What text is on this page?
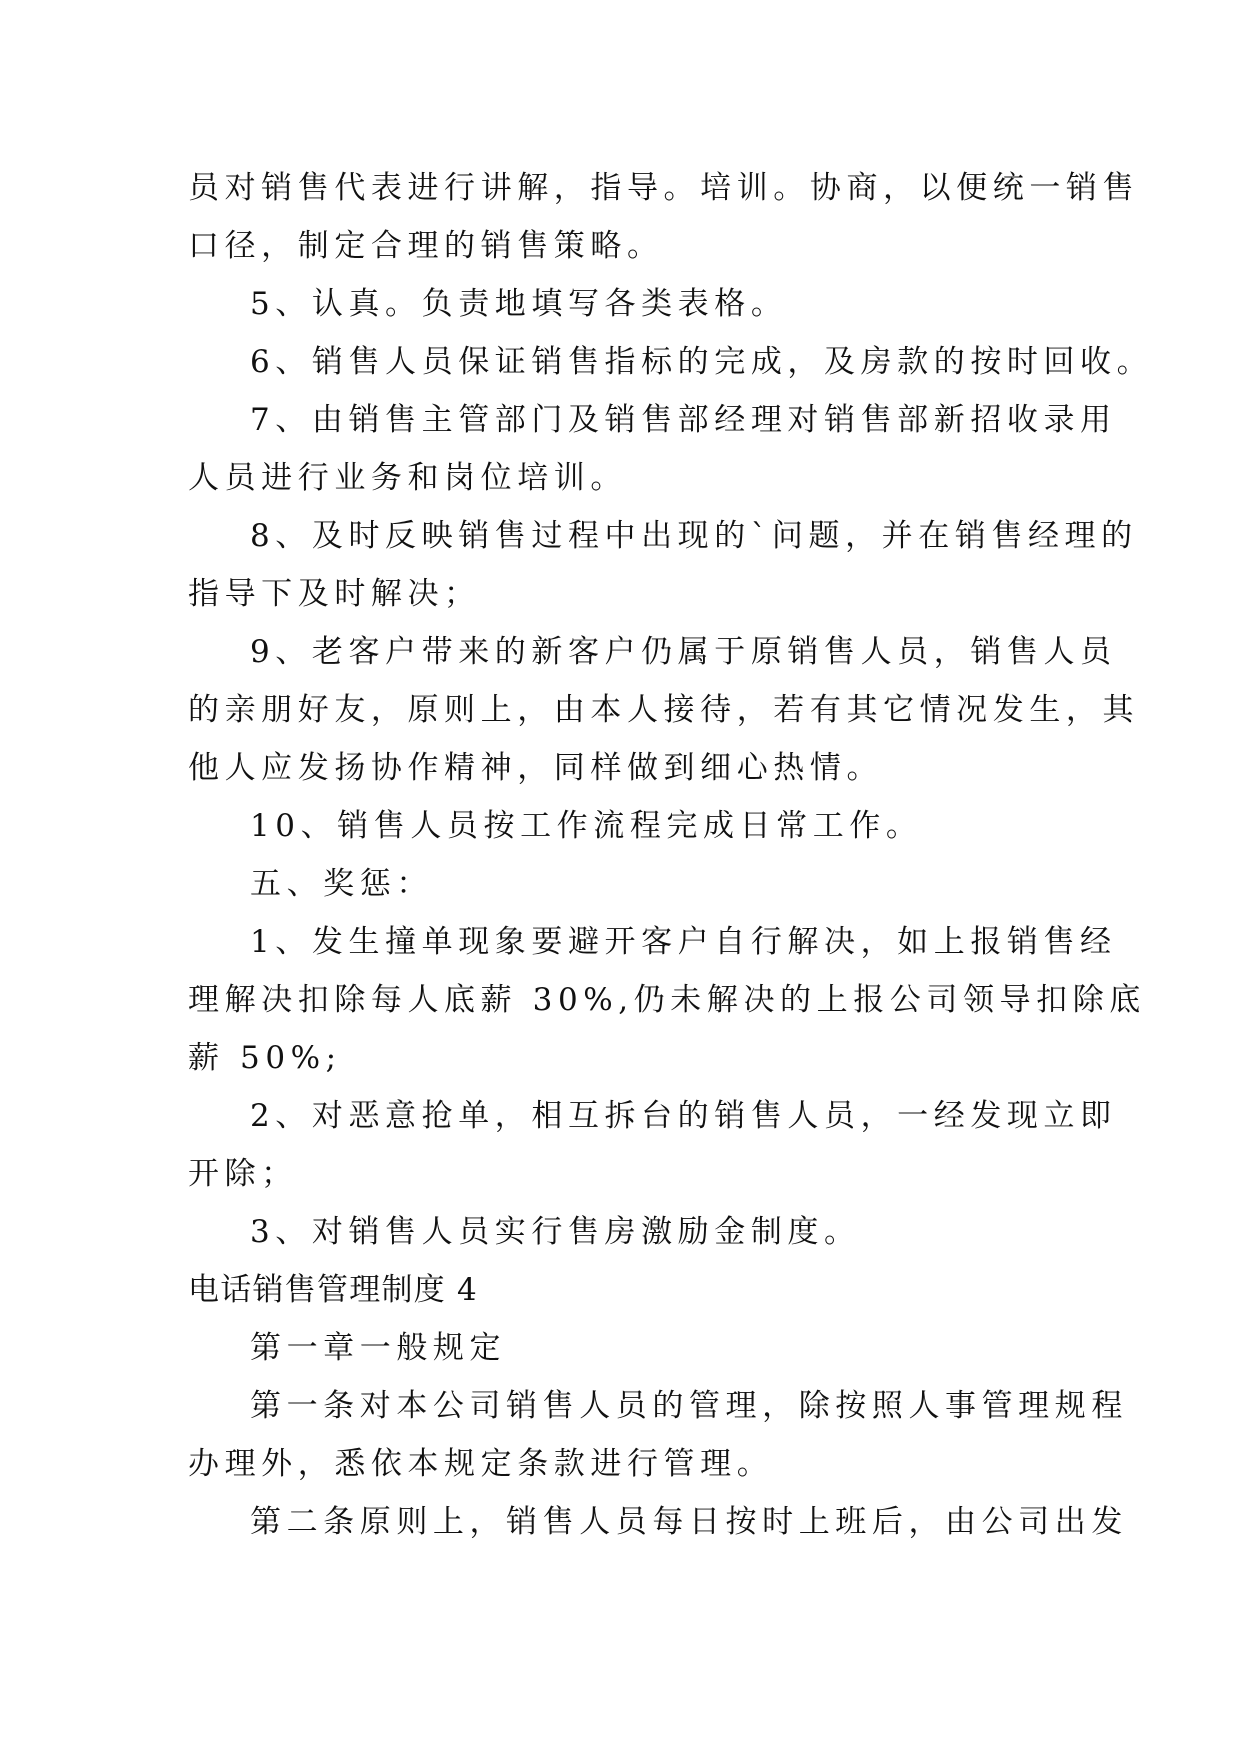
员对销售代表进行讲解，指导。培训。协商，以便统一销售
口径，制定合理的销售策略。
5、认真。负责地填写各类表格。
6、销售人员保证销售指标的完成，及房款的按时回收。
7、由销售主管部门及销售部经理对销售部新招收录用
人员进行业务和岗位培训。
8、及时反映销售过程中出现的`问题，并在销售经理的
指导下及时解决；
9、老客户带来的新客户仍属于原销售人员，销售人员
的亲朋好友，原则上，由本人接待，若有其它情况发生，其
他人应发扬协作精神，同样做到细心热情。
10、销售人员按工作流程完成日常工作。
五、奖惩：
1、发生撞单现象要避开客户自行解决，如上报销售经
理解决扣除每人底薪 30%,仍未解决的上报公司领导扣除底
薪 50%;
2、对恶意抢单，相互拆台的销售人员，一经发现立即
开除；
3、对销售人员实行售房激励金制度。
电话销售管理制度 4
第一章一般规定
第一条对本公司销售人员的管理，除按照人事管理规程
办理外，悉依本规定条款进行管理。
第二条原则上，销售人员每日按时上班后，由公司出发
